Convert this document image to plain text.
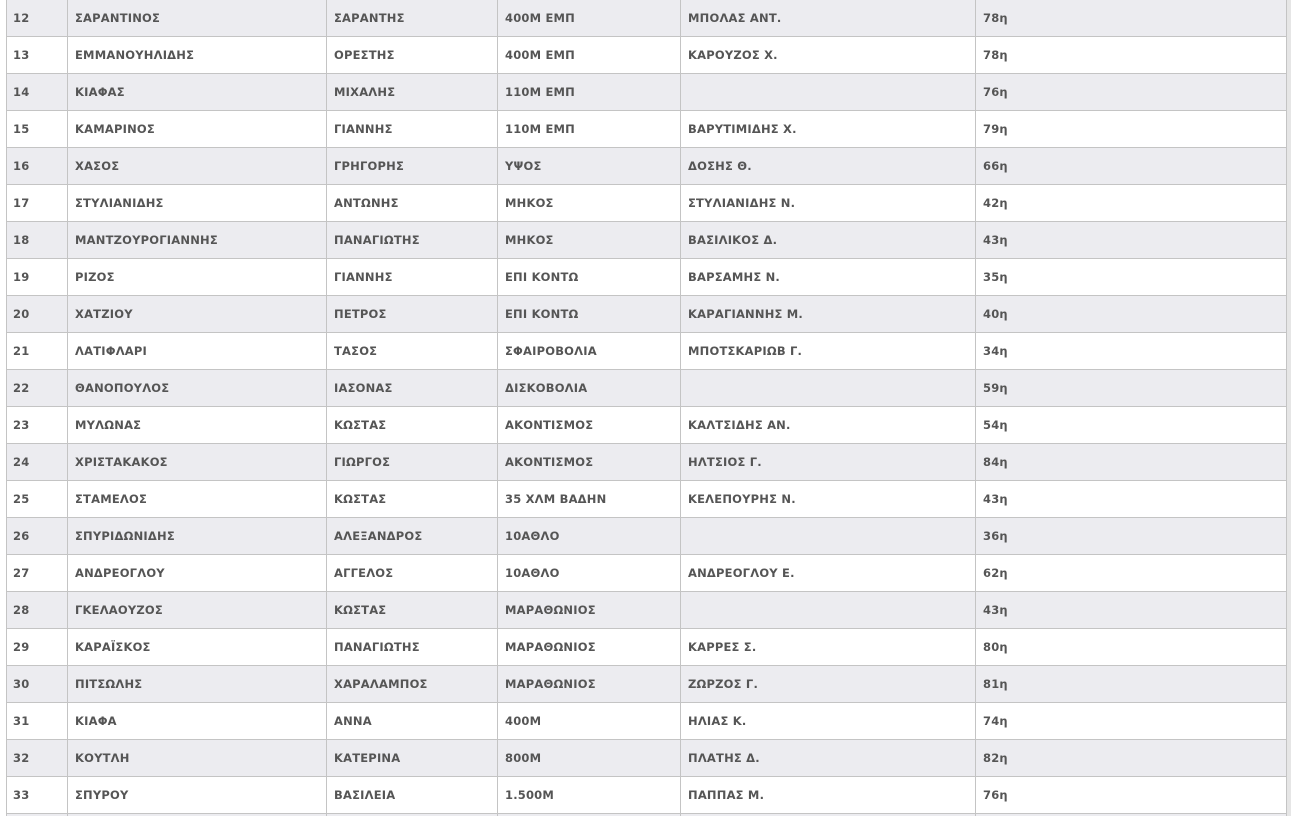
12	ΣΑΡΑΝΤΙΝΟΣ	ΣΑΡΑΝΤΗΣ	400Μ ΕΜΠ	ΜΠΟΛΑΣ ΑΝΤ.	78η
13	ΕΜΜΑΝΟΥΗΛΙΔΗΣ	ΟΡΕΣΤΗΣ	400Μ ΕΜΠ	ΚΑΡΟΥΖΟΣ Χ.	78η
14	ΚΙΑΦΑΣ	ΜΙΧΑΛΗΣ	110Μ ΕΜΠ		76η
15	ΚΑΜΑΡΙΝΟΣ	ΓΙΑΝΝΗΣ	110Μ ΕΜΠ	ΒΑΡΥΤΙΜΙΔΗΣ Χ.	79η
16	ΧΑΣΟΣ	ΓΡΗΓΟΡΗΣ	ΥΨΟΣ	ΔΟΣΗΣ Θ.	66η
17	ΣΤΥΛΙΑΝΙΔΗΣ	ΑΝΤΩΝΗΣ	ΜΗΚΟΣ	ΣΤΥΛΙΑΝΙΔΗΣ Ν.	42η
18	ΜΑΝΤΖΟΥΡΟΓΙΑΝΝΗΣ	ΠΑΝΑΓΙΩΤΗΣ	ΜΗΚΟΣ	ΒΑΣΙΛΙΚΟΣ Δ.	43η
19	ΡΙΖΟΣ	ΓΙΑΝΝΗΣ	ΕΠΙ ΚΟΝΤΩ	ΒΑΡΣΑΜΗΣ Ν.	35η
20	ΧΑΤΖΙΟΥ	ΠΕΤΡΟΣ	ΕΠΙ ΚΟΝΤΩ	ΚΑΡΑΓΙΑΝΝΗΣ Μ.	40η
21	ΛΑΤΙΦΛΑΡΙ	ΤΑΣΟΣ	ΣΦΑΙΡΟΒΟΛΙΑ	ΜΠΟΤΣΚΑΡΙΩΒ Γ.	34η
22	ΘΑΝΟΠΟΥΛΟΣ	ΙΑΣΟΝΑΣ	ΔΙΣΚΟΒΟΛΙΑ		59η
23	ΜΥΛΩΝΑΣ	ΚΩΣΤΑΣ	ΑΚΟΝΤΙΣΜΟΣ	ΚΑΛΤΣΙΔΗΣ ΑΝ.	54η
24	ΧΡΙΣΤΑΚΑΚΟΣ	ΓΙΩΡΓΟΣ	ΑΚΟΝΤΙΣΜΟΣ	ΗΛΤΣΙΟΣ Γ.	84η
25	ΣΤΑΜΕΛΟΣ	ΚΩΣΤΑΣ	35 ΧΛΜ ΒΑΔΗΝ	ΚΕΛΕΠΟΥΡΗΣ Ν.	43η
26	ΣΠΥΡΙΔΩΝΙΔΗΣ	ΑΛΕΞΑΝΔΡΟΣ	10ΑΘΛΟ		36η
27	ΑΝΔΡΕΟΓΛΟΥ	ΑΓΓΕΛΟΣ	10ΑΘΛΟ	ΑΝΔΡΕΟΓΛΟΥ Ε.	62η
28	ΓΚΕΛΑΟΥΖΟΣ	ΚΩΣΤΑΣ	ΜΑΡΑΘΩΝΙΟΣ		43η
29	ΚΑΡΑΪΣΚΟΣ	ΠΑΝΑΓΙΩΤΗΣ	ΜΑΡΑΘΩΝΙΟΣ	ΚΑΡΡΕΣ Σ.	80η
30	ΠΙΤΣΩΛΗΣ	ΧΑΡΑΛΑΜΠΟΣ	ΜΑΡΑΘΩΝΙΟΣ	ΖΩΡΖΟΣ Γ.	81η
31	ΚΙΑΦΑ	ΑΝΝΑ	400Μ	ΗΛΙΑΣ Κ.	74η
32	ΚΟΥΤΛΗ	ΚΑΤΕΡΙΝΑ	800Μ	ΠΛΑΤΗΣ Δ.	82η
33	ΣΠΥΡΟΥ	ΒΑΣΙΛΕΙΑ	1.500Μ	ΠΑΠΠΑΣ Μ.	76η
